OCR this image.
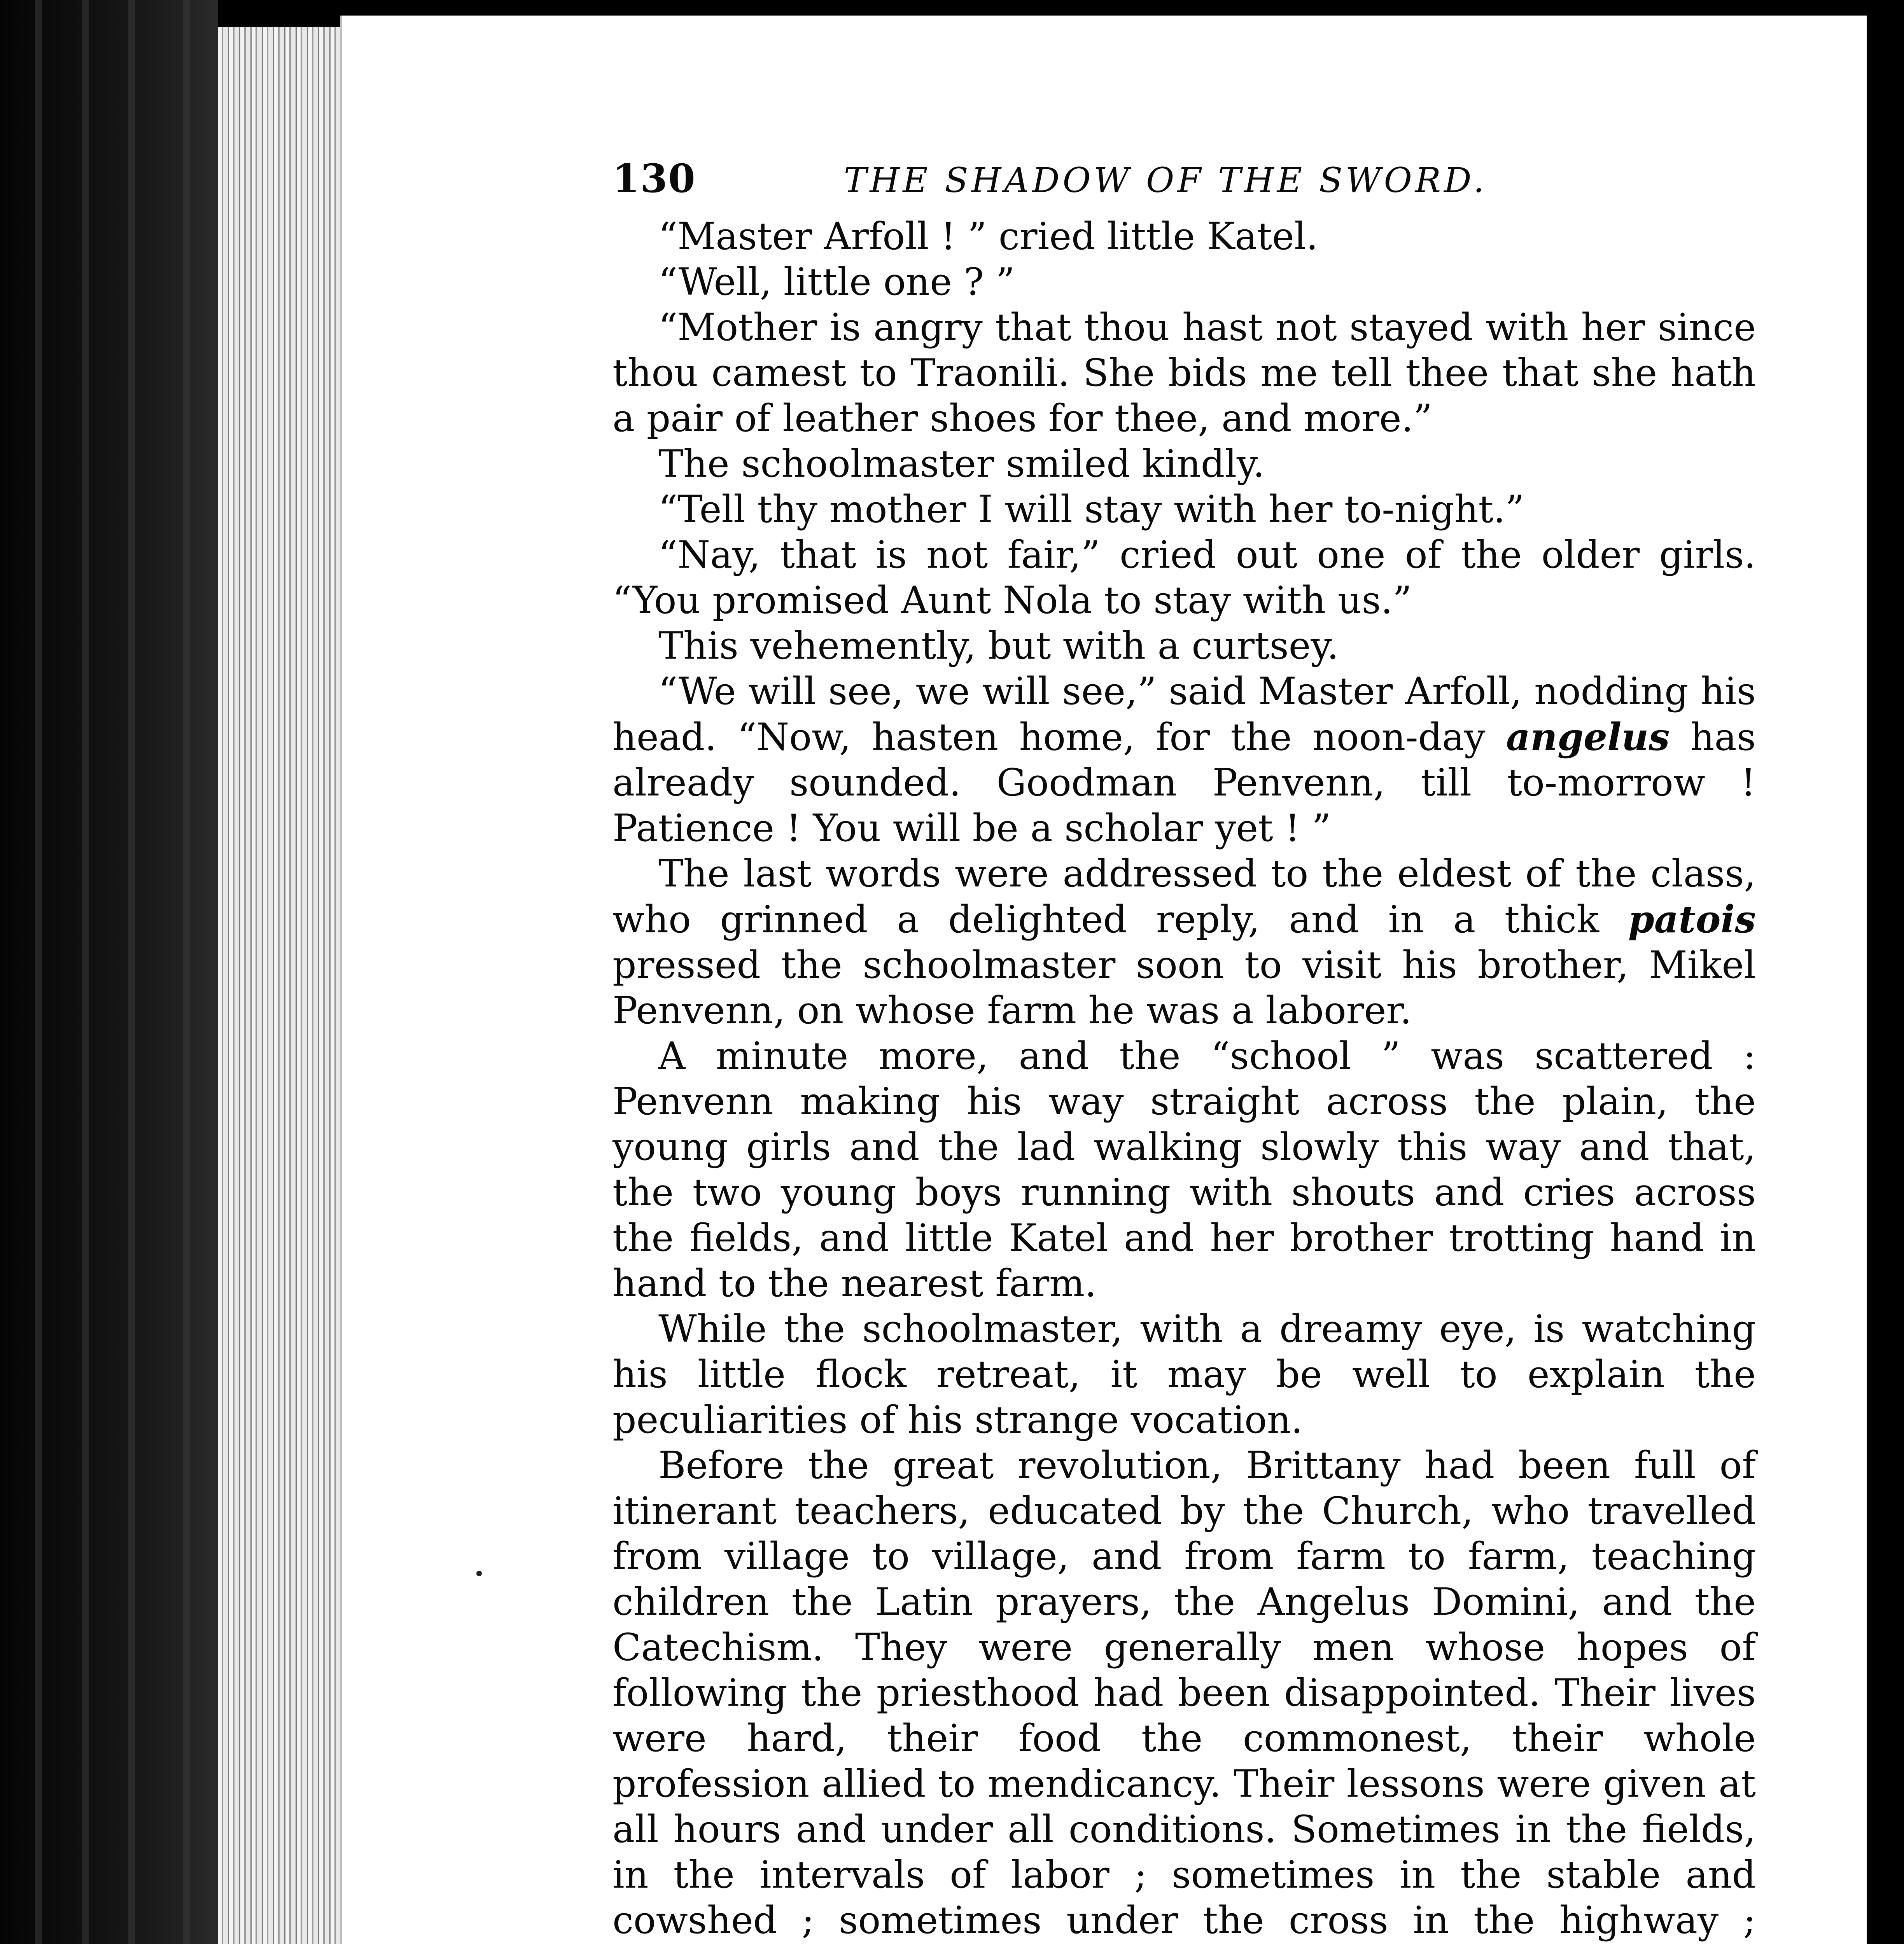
130	THE SHADOW OF THE SWORD.

“Master Arfoll ! ” cried little Katel.

“Well, little one ? ”

“Mother is angry that thou hast not stayed with her since thou camest to Traonili. She bids me tell thee that she hath a pair of leather shoes for thee, and more.”

The schoolmaster smiled kindly.

“Tell thy mother I will stay with her to-night.”

“Nay, that is not fair,” cried out one of the older girls. “You promised Aunt Nola to stay with us.”

This vehemently, but with a curtsey.

“We will see, we will see,” said Master Arfoll, nodding his head. “Now, hasten home, for the noon-day angelus has already sounded. Goodman Penvenn, till to-morrow ! Patience ! You will be a scholar yet ! ”

The last words were addressed to the eldest of the class, who grinned a delighted reply, and in a thick patois pressed the schoolmaster soon to visit his brother, Mikel Penvenn, on whose farm he was a laborer.

A minute more, and the “school ” was scattered : Penvenn making his way straight across the plain, the young girls and the lad walking slowly this way and that, the two young boys running with shouts and cries across the fields, and little Katel and her brother trotting hand in hand to the nearest farm.

While the schoolmaster, with a dreamy eye, is watching his little flock retreat, it may be well to explain the peculiarities of his strange vocation.

Before the great revolution, Brittany had been full of itinerant teachers, educated by the Church, who travelled from village to village, and from farm to farm, teaching children the Latin prayers, the Angelus Domini, and the Catechism. They were generally men whose hopes of following the priesthood had been disappointed. Their lives were hard, their food the commonest, their whole profession allied to mendicancy. Their lessons were given at all hours and under all conditions. Sometimes in the fields, in the intervals of labor ; sometimes in the stable and cowshed ; sometimes under the cross in the highway ;
